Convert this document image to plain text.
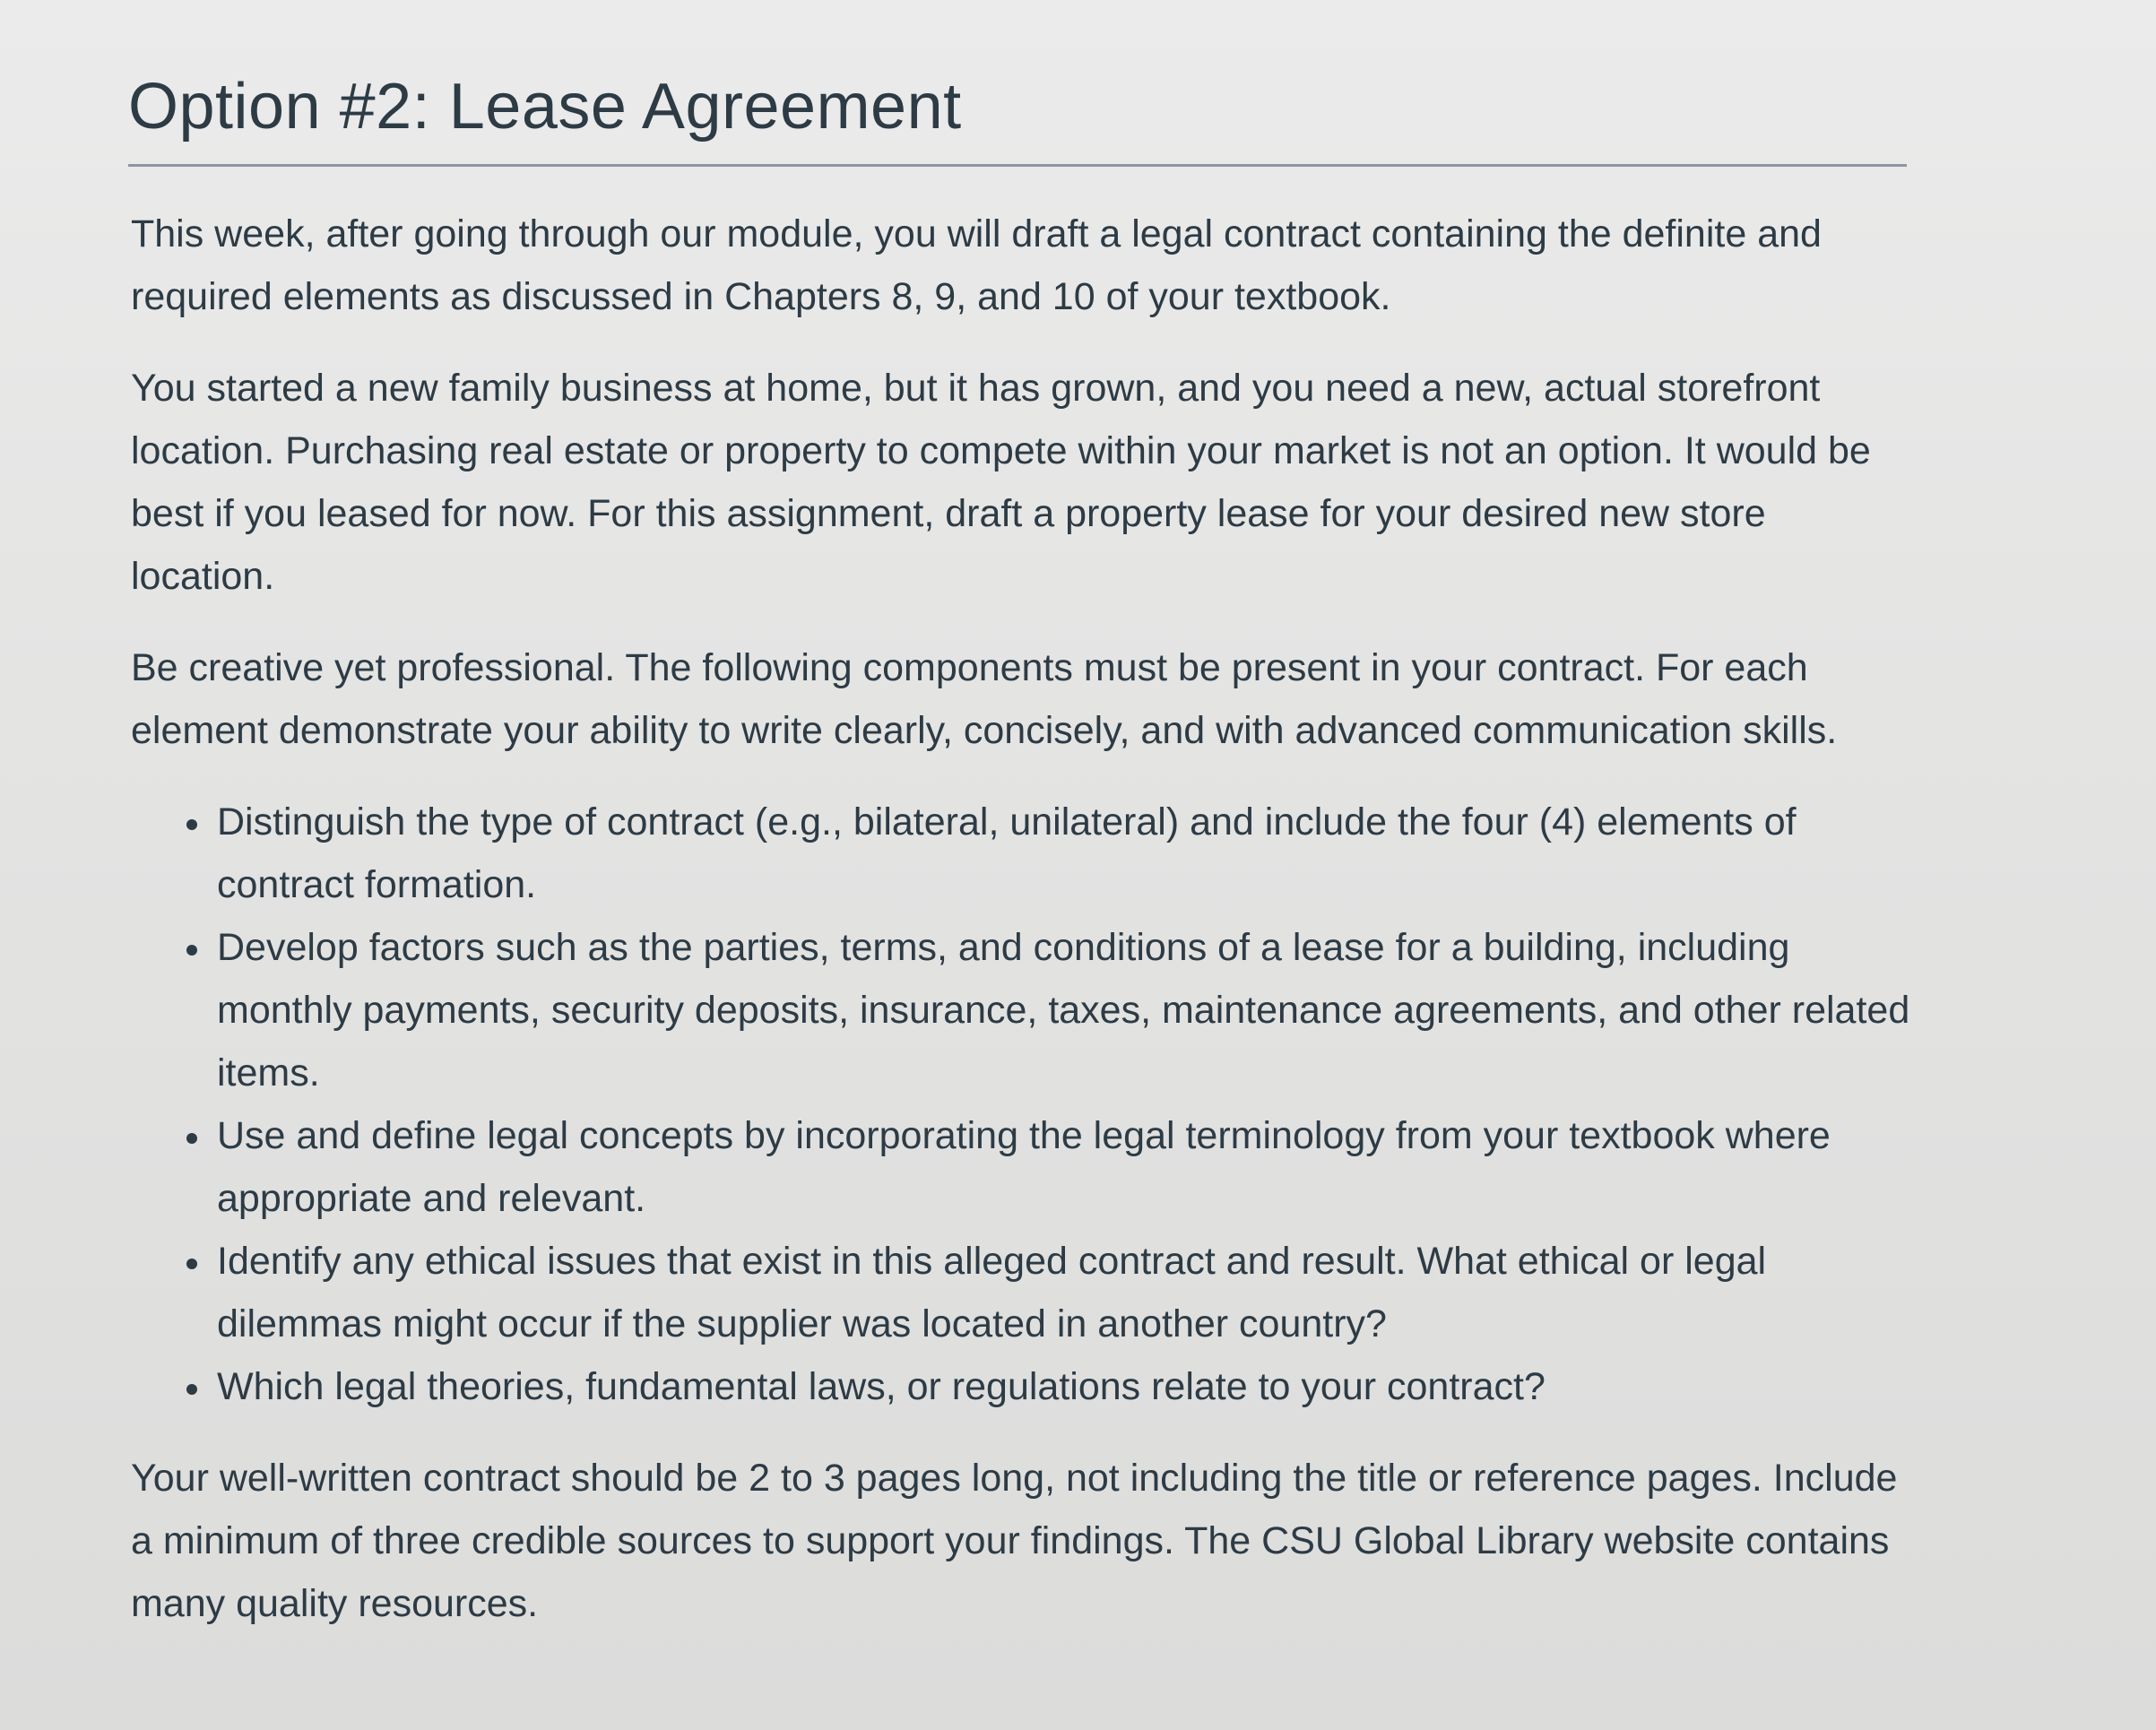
Option #2: Lease Agreement

This week, after going through our module, you will draft a legal contract containing the definite and required elements as discussed in Chapters 8, 9, and 10 of your textbook.

You started a new family business at home, but it has grown, and you need a new, actual storefront location. Purchasing real estate or property to compete within your market is not an option. It would be best if you leased for now. For this assignment, draft a property lease for your desired new store location.

Be creative yet professional. The following components must be present in your contract. For each element demonstrate your ability to write clearly, concisely, and with advanced communication skills.

• Distinguish the type of contract (e.g., bilateral, unilateral) and include the four (4) elements of contract formation.
• Develop factors such as the parties, terms, and conditions of a lease for a building, including monthly payments, security deposits, insurance, taxes, maintenance agreements, and other related items.
• Use and define legal concepts by incorporating the legal terminology from your textbook where appropriate and relevant.
• Identify any ethical issues that exist in this alleged contract and result. What ethical or legal dilemmas might occur if the supplier was located in another country?
• Which legal theories, fundamental laws, or regulations relate to your contract?

Your well-written contract should be 2 to 3 pages long, not including the title or reference pages. Include a minimum of three credible sources to support your findings. The CSU Global Library website contains many quality resources.
